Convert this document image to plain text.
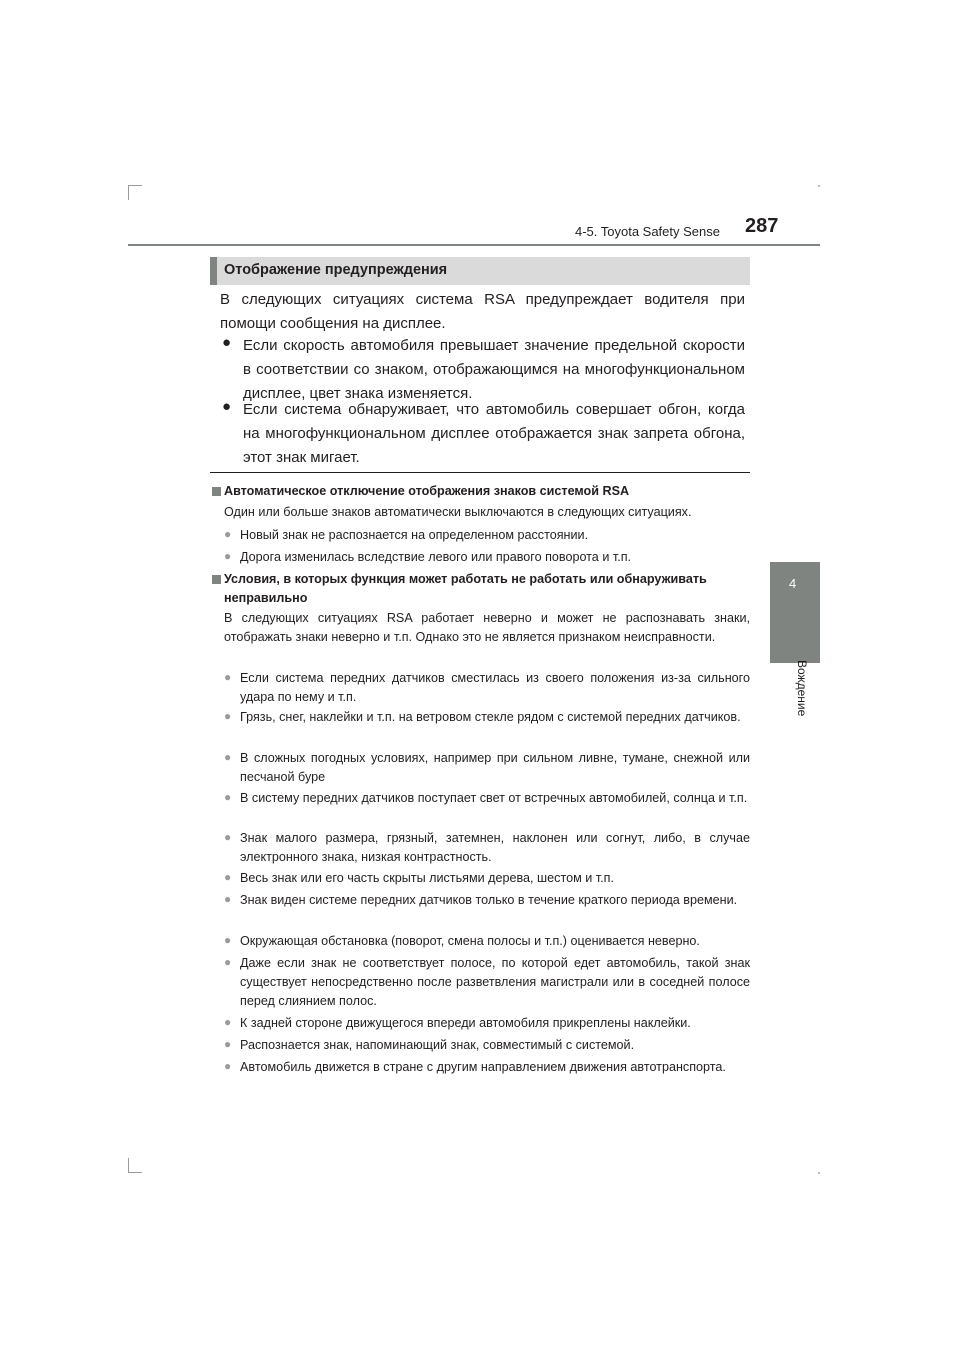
4-5. Toyota Safety Sense 287
4
Вождение
Отображение предупреждения
В следующих ситуациях система RSA предупреждает водителя при помощи сообщения на дисплее.
● Если скорость автомобиля превышает значение предельной скорости в соответствии со знаком, отображающимся на многофункциональном дисплее, цвет знака изменяется.
● Если система обнаруживает, что автомобиль совершает обгон, когда на многофункциональном дисплее отображается знак запрета обгона, этот знак мигает.
Автоматическое отключение отображения знаков системой RSA
Один или больше знаков автоматически выключаются в следующих ситуациях.
● Новый знак не распознается на определенном расстоянии.
● Дорога изменилась вследствие левого или правого поворота и т.п.
Условия, в которых функция может работать не работать или обнаруживать
неправильно
В следующих ситуациях RSA работает неверно и может не распознавать знаки, отображать знаки неверно и т.п. Однако это не является признаком неисправности.
● Если система передних датчиков сместилась из своего положения из-за сильного удара по нему и т.п.
● Грязь, снег, наклейки и т.п. на ветровом стекле рядом с системой передних датчиков.
● В сложных погодных условиях, например при сильном ливне, тумане, снежной или песчаной буре
● В систему передних датчиков поступает свет от встречных автомобилей, солнца и т.п.
● Знак малого размера, грязный, затемнен, наклонен или согнут, либо, в случае электронного знака, низкая контрастность.
● Весь знак или его часть скрыты листьями дерева, шестом и т.п.
● Знак виден системе передних датчиков только в течение краткого периода времени.
● Окружающая обстановка (поворот, смена полосы и т.п.) оценивается неверно.
● Даже если знак не соответствует полосе, по которой едет автомобиль, такой знак существует непосредственно после разветвления магистрали или в соседней полосе перед слиянием полос.
● К задней стороне движущегося впереди автомобиля прикреплены наклейки.
● Распознается знак, напоминающий знак, совместимый с системой.
● Автомобиль движется в стране с другим направлением движения автотранспорта.
